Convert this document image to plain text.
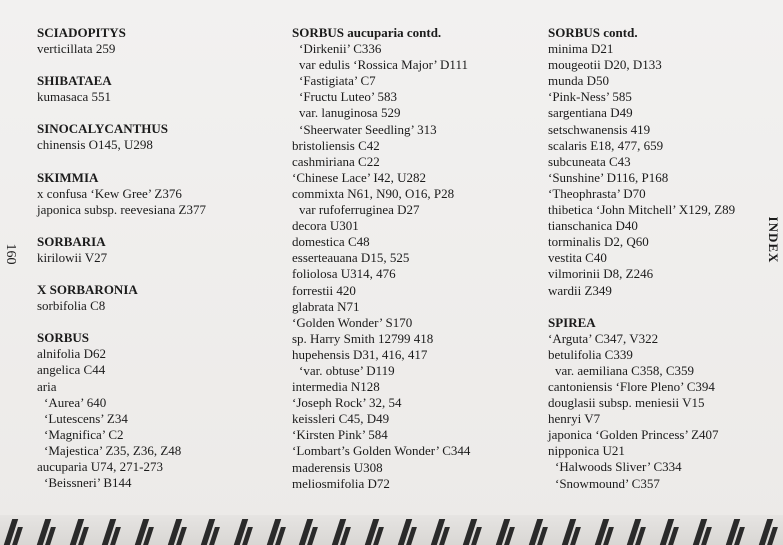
160	INDEX
SCIADOPITYS
verticillata 259
SHIBATAEA
kumasaca 551
SINOCALYCANTHUS
chinensis O145, U298
SKIMMIA
x confusa ‘Kew Gree’ Z376
japonica subsp. reevesiana Z377
SORBARIA
kirilowii V27
X SORBARONIA
sorbifolia C8
SORBUS
alnifolia D62
angelica C44
aria
‘Aurea’ 640
‘Lutescens’ Z34
‘Magnifica’ C2
‘Majestica’ Z35, Z36, Z48
aucuparia U74, 271-273
‘Beissneri’ B144
SORBUS aucuparia contd.
‘Dirkenii’ C336
var edulis ‘Rossica Major’ D111
‘Fastigiata’ C7
‘Fructu Luteo’ 583
var. lanuginosa 529
‘Sheerwater Seedling’ 313
bristoliensis C42
cashmiriana C22
‘Chinese Lace’ I42, U282
commixta N61, N90, O16, P28
var rufoferruginea D27
decora U301
domestica C48
esserteauana D15, 525
foliolosa U314, 476
forrestii 420
glabrata N71
‘Golden Wonder’ S170
sp. Harry Smith 12799 418
hupehensis D31, 416, 417
‘var. obtuse’ D119
intermedia N128
‘Joseph Rock’ 32, 54
keissleri C45, D49
‘Kirsten Pink’ 584
‘Lombart’s Golden Wonder’ C344
maderensis U308
meliosmifolia D72
SORBUS contd.
minima D21
mougeotii D20, D133
munda D50
‘Pink-Ness’ 585
sargentiana D49
setschwanensis 419
scalaris E18, 477, 659
subcuneata C43
‘Sunshine’ D116, P168
‘Theophrasta’ D70
thibetica ‘John Mitchell’ X129, Z89
tianschanica D40
torminalis D2, Q60
vestita C40
vilmorinii D8, Z246
wardii Z349
SPIREA
‘Arguta’ C347, V322
betulifolia C339
var. aemiliana C358, C359
cantoniensis ‘Flore Pleno’ C394
douglasii subsp. meniesii V15
henryi V7
japonica ‘Golden Princess’ Z407
nipponica U21
‘Halwoods Sliver’ C334
‘Snowmound’ C357
